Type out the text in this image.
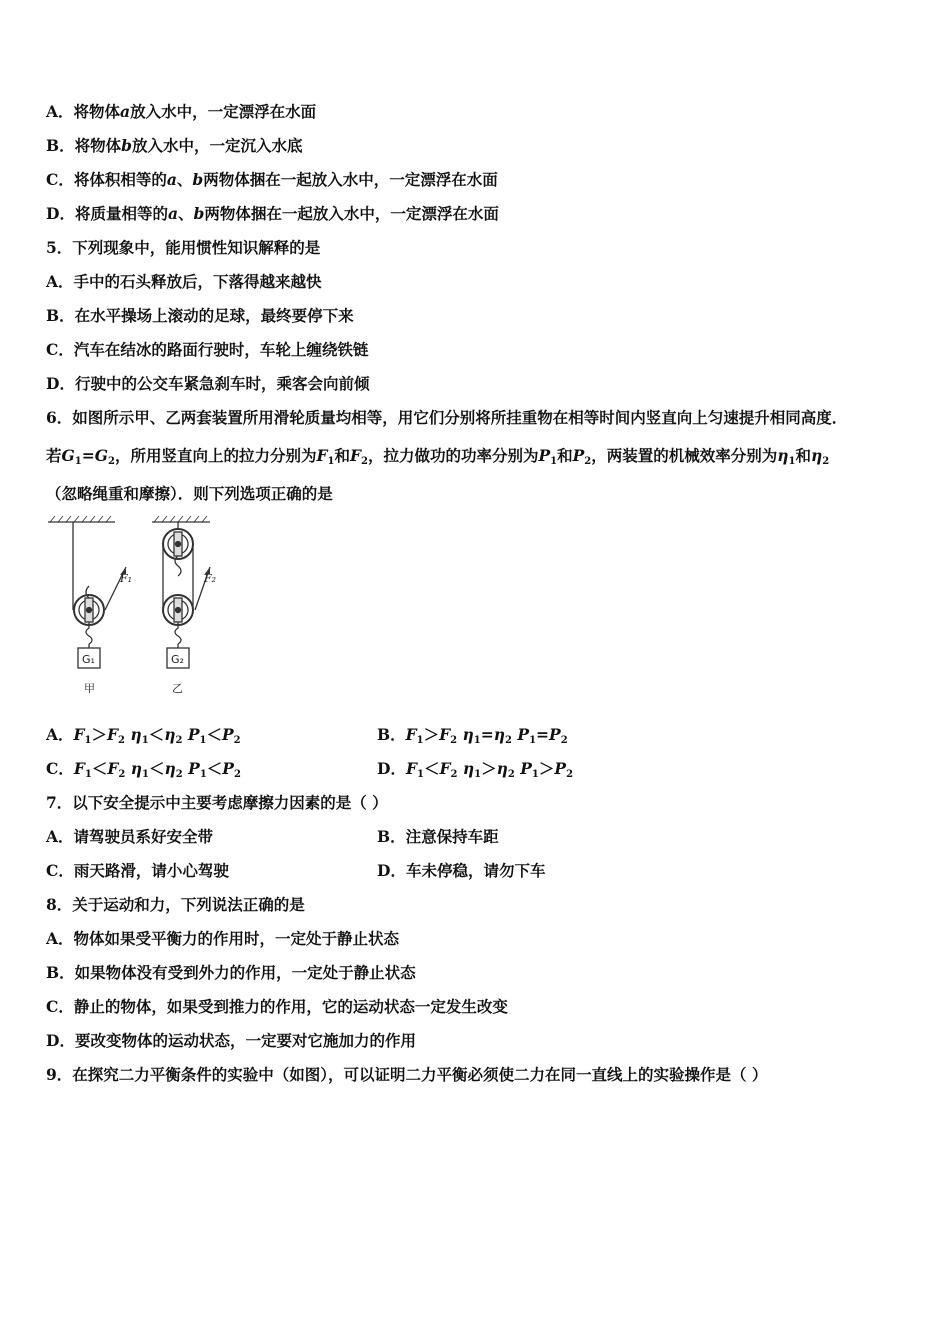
A．将物体a放入水中，一定漂浮在水面
B．将物体b放入水中，一定沉入水底
C．将体积相等的a、b两物体捆在一起放入水中，一定漂浮在水面
D．将质量相等的a、b两物体捆在一起放入水中，一定漂浮在水面
5．下列现象中，能用惯性知识解释的是
A．手中的石头释放后，下落得越来越快
B．在水平操场上滚动的足球，最终要停下来
C．汽车在结冰的路面行驶时，车轮上缠绕铁链
D．行驶中的公交车紧急刹车时，乘客会向前倾
6．如图所示甲、乙两套装置所用滑轮质量均相等，用它们分别将所挂重物在相等时间内竖直向上匀速提升相同高度．
若$G_1=G_2$，所用竖直向上的拉力分别为$F_1$和$F_2$，拉力做功的功率分别为$P_1$和$P_2$，两装置的机械效率分别为$\eta_1$和$\eta_2$
（忽略绳重和摩擦）．则下列选项正确的是
F₁	F₂
G₁	G₂
甲	乙
A．$F_1>F_2$ $\eta_1<\eta_2$ $P_1<P_2$	B．$F_1>F_2$ $\eta_1=\eta_2$ $P_1=P_2$
C．$F_1<F_2$ $\eta_1<\eta_2$ $P_1<P_2$	D．$F_1<F_2$ $\eta_1>\eta_2$ $P_1>P_2$
7．以下安全提示中主要考虑摩擦力因素的是（ ）
A．请驾驶员系好安全带	B．注意保持车距
C．雨天路滑，请小心驾驶	D．车未停稳，请勿下车
8．关于运动和力，下列说法正确的是
A．物体如果受平衡力的作用时，一定处于静止状态
B．如果物体没有受到外力的作用，一定处于静止状态
C．静止的物体，如果受到推力的作用，它的运动状态一定发生改变
D．要改变物体的运动状态，一定要对它施加力的作用
9．在探究二力平衡条件的实验中（如图），可以证明二力平衡必须使二力在同一直线上的实验操作是（ ）
